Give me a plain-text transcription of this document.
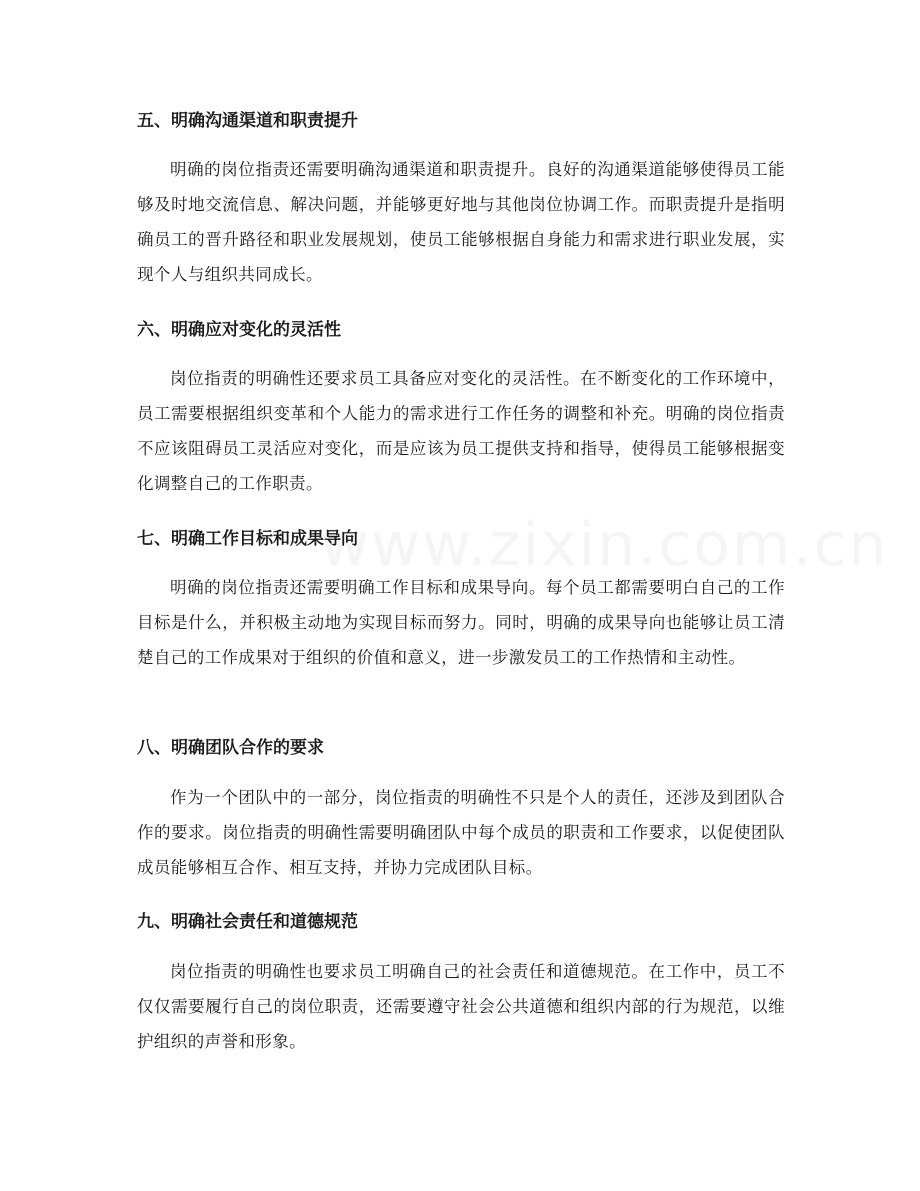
www.zixin.com.cn
五、明确沟通渠道和职责提升

明确的岗位指责还需要明确沟通渠道和职责提升。良好的沟通渠道能够使得员工能够及时地交流信息、解决问题，并能够更好地与其他岗位协调工作。而职责提升是指明确员工的晋升路径和职业发展规划，使员工能够根据自身能力和需求进行职业发展，实现个人与组织共同成长。

六、明确应对变化的灵活性

岗位指责的明确性还要求员工具备应对变化的灵活性。在不断变化的工作环境中，员工需要根据组织变革和个人能力的需求进行工作任务的调整和补充。明确的岗位指责不应该阻碍员工灵活应对变化，而是应该为员工提供支持和指导，使得员工能够根据变化调整自己的工作职责。

七、明确工作目标和成果导向

明确的岗位指责还需要明确工作目标和成果导向。每个员工都需要明白自己的工作目标是什么，并积极主动地为实现目标而努力。同时，明确的成果导向也能够让员工清楚自己的工作成果对于组织的价值和意义，进一步激发员工的工作热情和主动性。

八、明确团队合作的要求

作为一个团队中的一部分，岗位指责的明确性不只是个人的责任，还涉及到团队合作的要求。岗位指责的明确性需要明确团队中每个成员的职责和工作要求，以促使团队成员能够相互合作、相互支持，并协力完成团队目标。

九、明确社会责任和道德规范

岗位指责的明确性也要求员工明确自己的社会责任和道德规范。在工作中，员工不仅仅需要履行自己的岗位职责，还需要遵守社会公共道德和组织内部的行为规范，以维护组织的声誉和形象。
